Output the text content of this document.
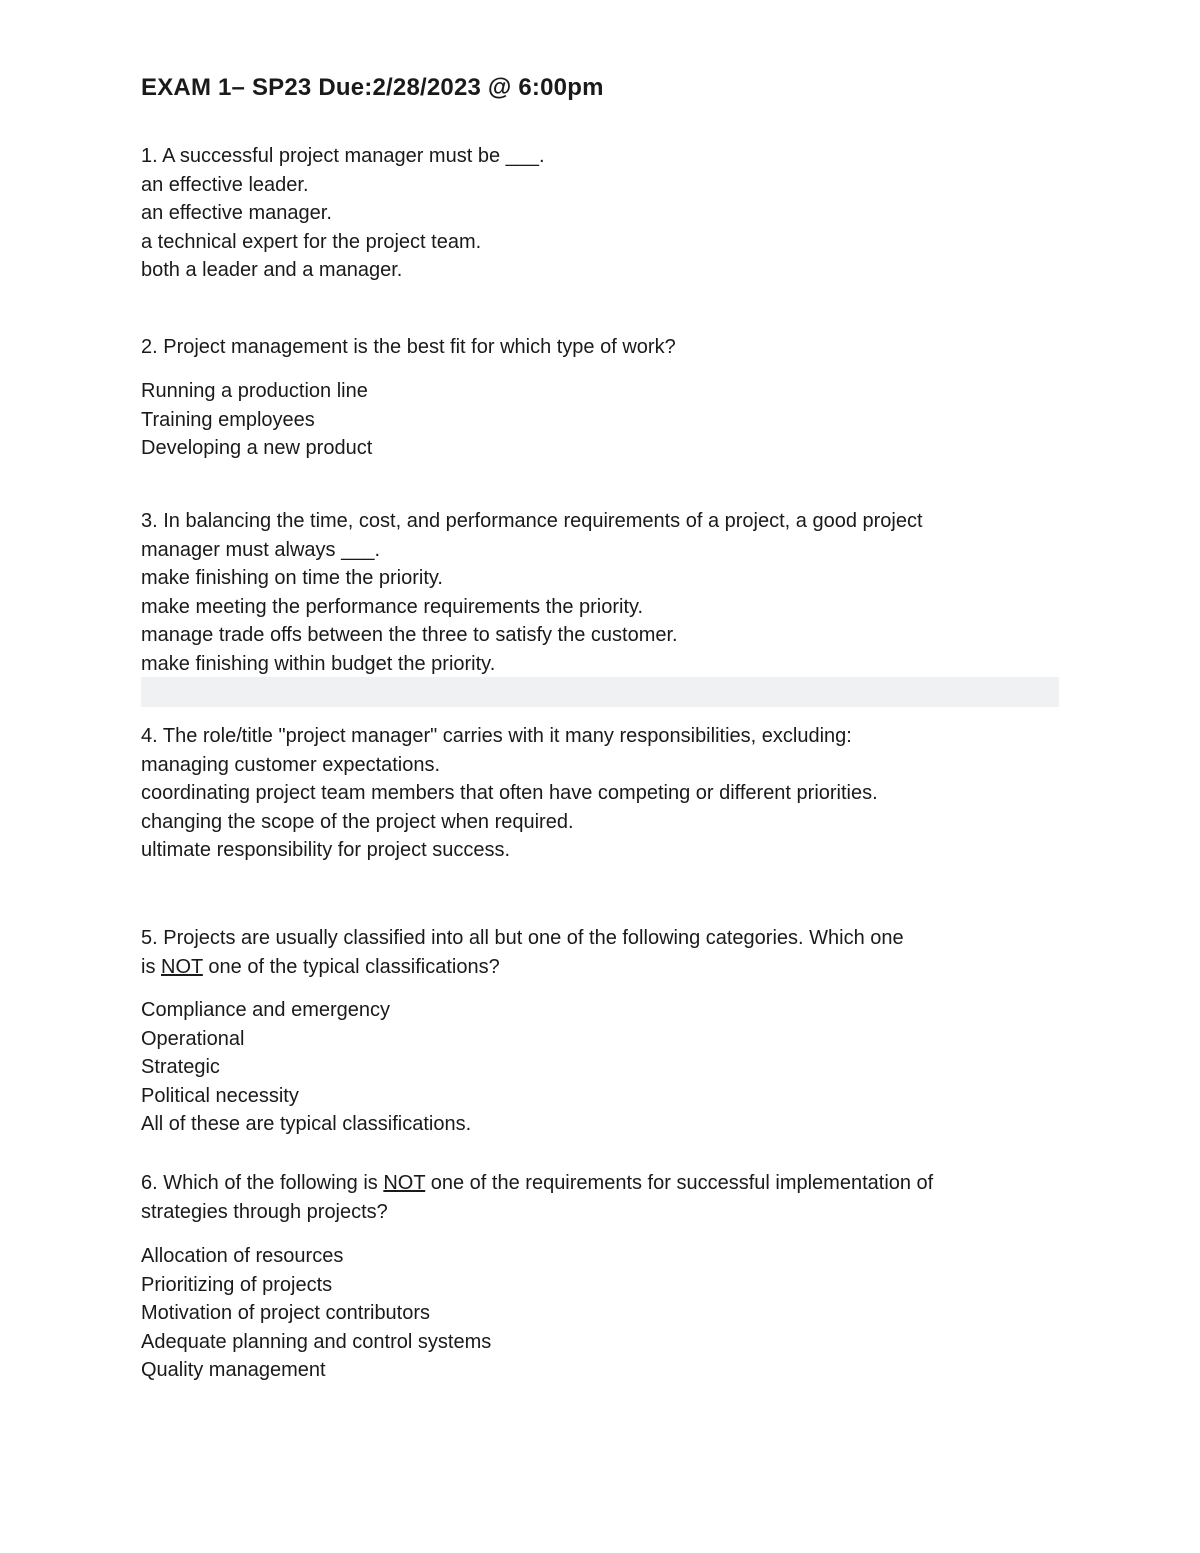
EXAM 1– SP23 Due:2/28/2023 @ 6:00pm
1. A successful project manager must be ___.
an effective leader.
an effective manager.
a technical expert for the project team.
both a leader and a manager.
2. Project management is the best fit for which type of work?
Running a production line
Training employees
Developing a new product
3. In balancing the time, cost, and performance requirements of a project, a good project
manager must always ___.
make finishing on time the priority.
make meeting the performance requirements the priority.
manage trade offs between the three to satisfy the customer.
make finishing within budget the priority.
4. The role/title "project manager" carries with it many responsibilities, excluding:
managing customer expectations.
coordinating project team members that often have competing or different priorities.
changing the scope of the project when required.
ultimate responsibility for project success.
5. Projects are usually classified into all but one of the following categories. Which one
is NOT one of the typical classifications?
Compliance and emergency
Operational
Strategic
Political necessity
All of these are typical classifications.
6. Which of the following is NOT one of the requirements for successful implementation of
strategies through projects?
Allocation of resources
Prioritizing of projects
Motivation of project contributors
Adequate planning and control systems
Quality management
